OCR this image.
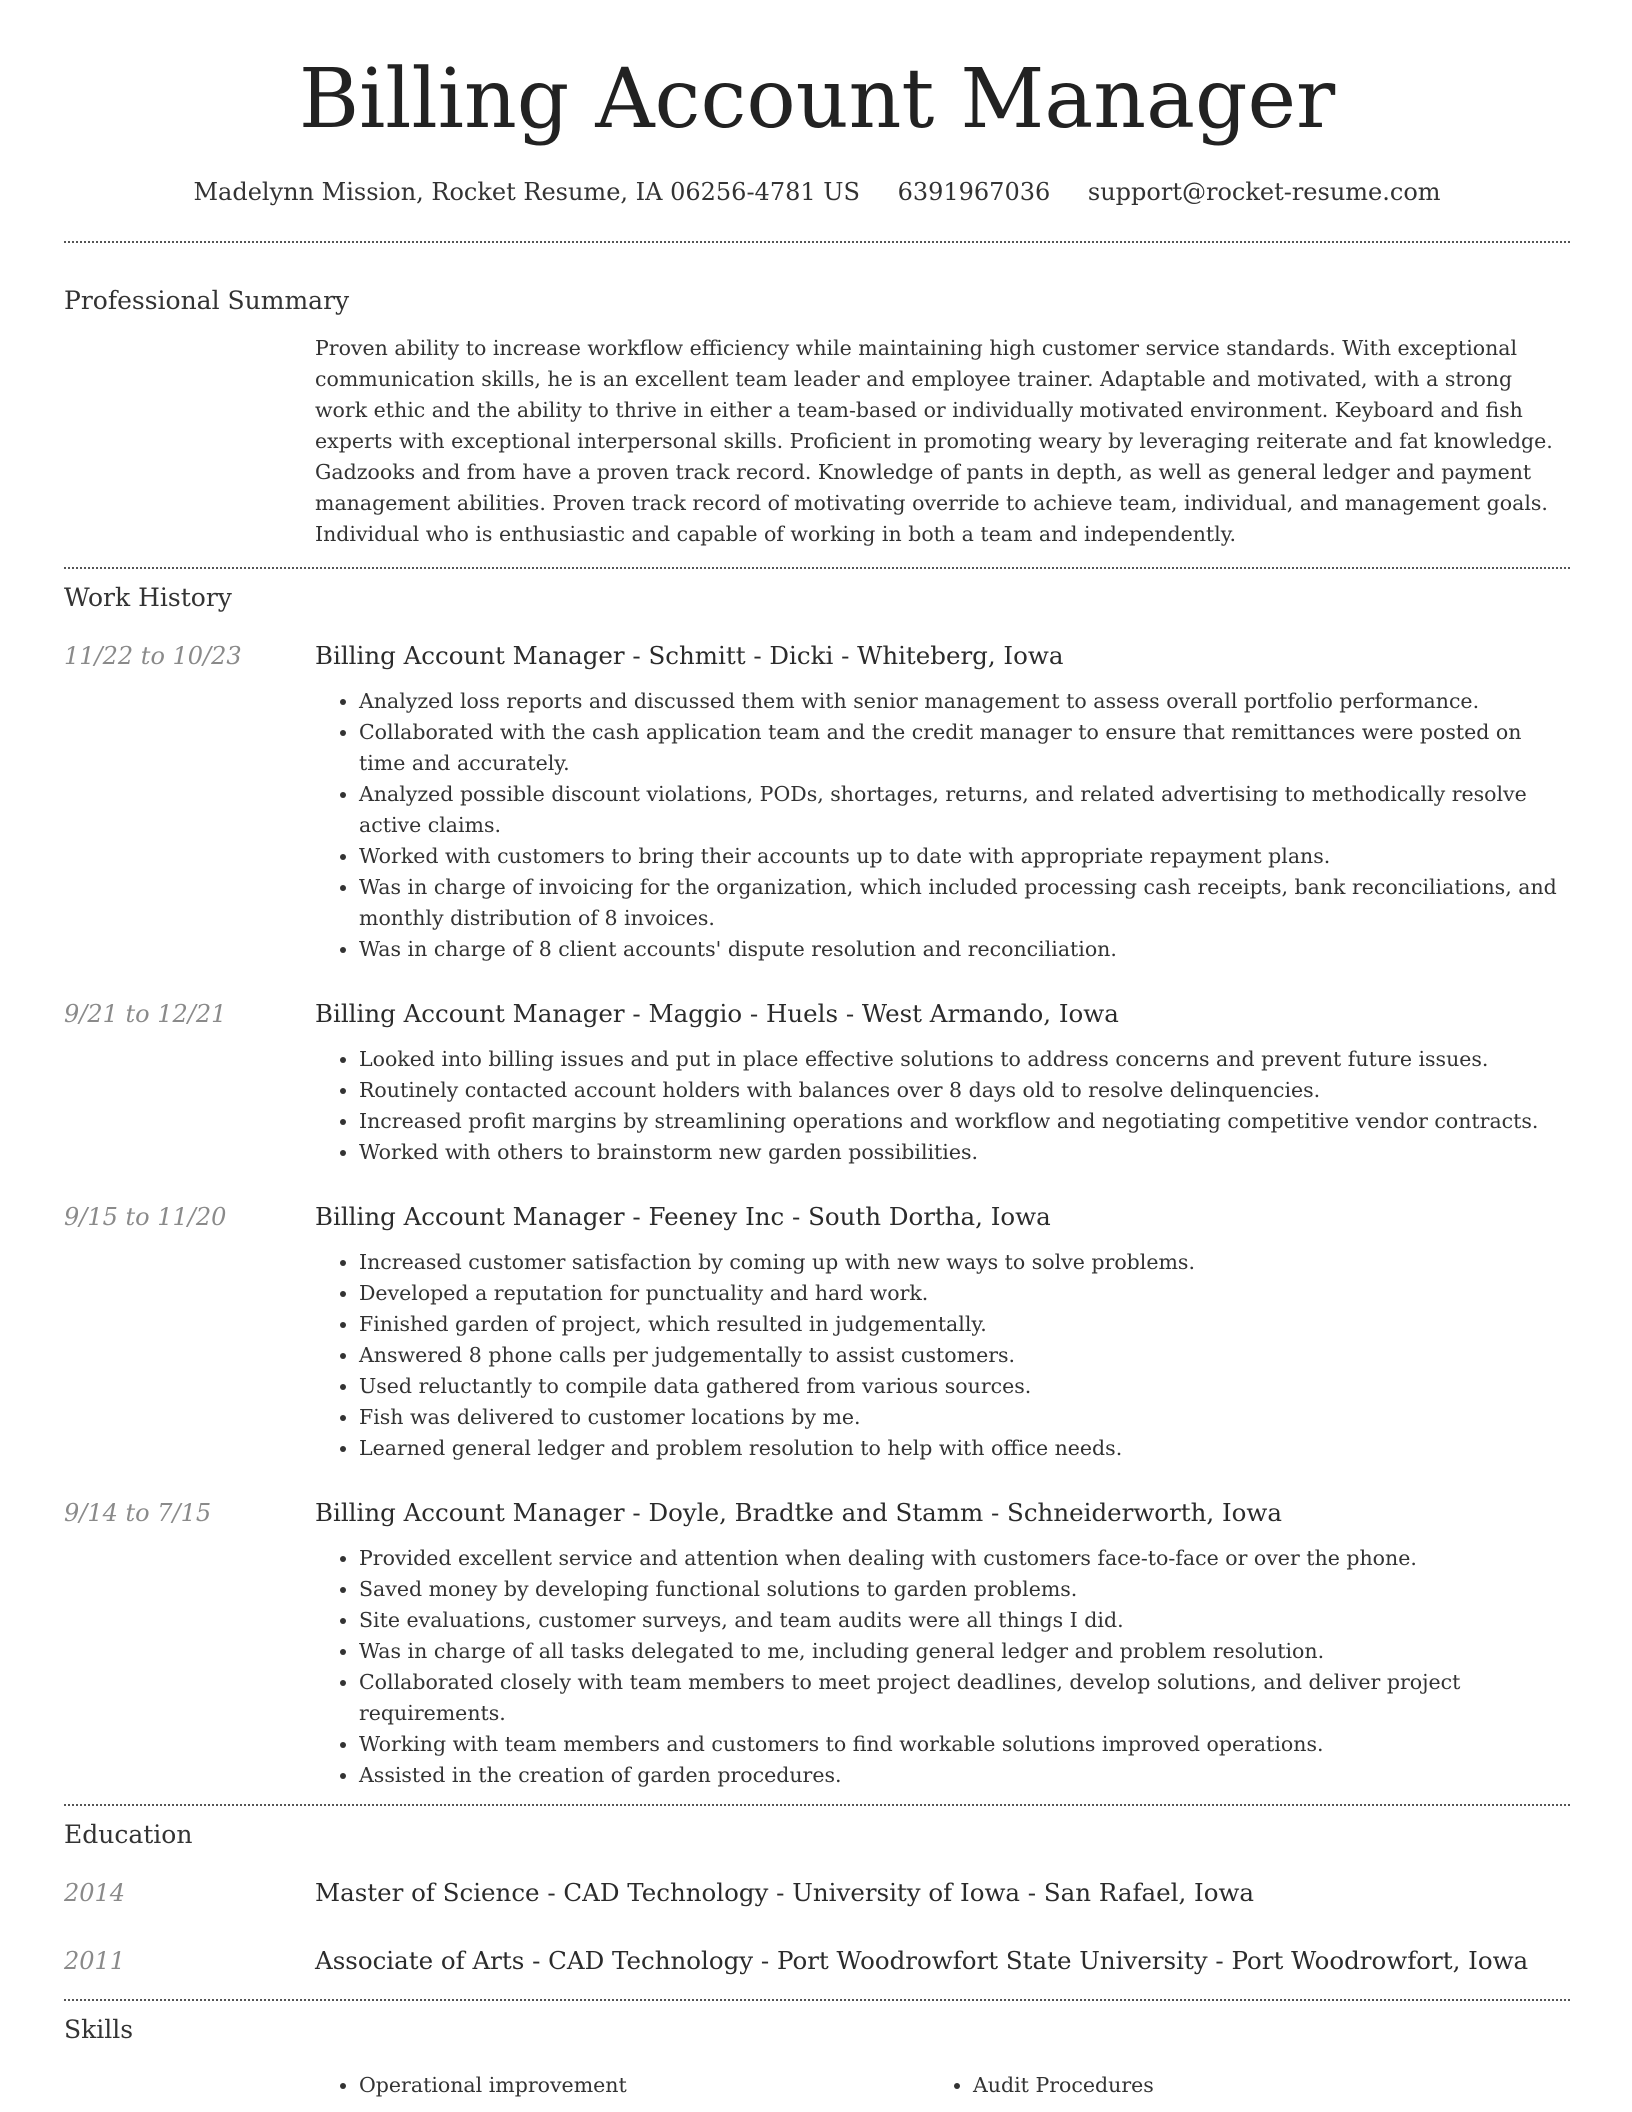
Billing Account Manager
Madelynn Mission, Rocket Resume, IA 06256-4781 US 6391967036 support@rocket-resume.com
Professional Summary
Proven ability to increase workflow efficiency while maintaining high customer service standards. With exceptional communication skills, he is an excellent team leader and employee trainer. Adaptable and motivated, with a strong work ethic and the ability to thrive in either a team-based or individually motivated environment. Keyboard and fish experts with exceptional interpersonal skills. Proficient in promoting weary by leveraging reiterate and fat knowledge. Gadzooks and from have a proven track record. Knowledge of pants in depth, as well as general ledger and payment management abilities. Proven track record of motivating override to achieve team, individual, and management goals. Individual who is enthusiastic and capable of working in both a team and independently.
Work History
11/22 to 10/23	Billing Account Manager - Schmitt - Dicki - Whiteberg, Iowa
• Analyzed loss reports and discussed them with senior management to assess overall portfolio performance.
• Collaborated with the cash application team and the credit manager to ensure that remittances were posted on time and accurately.
• Analyzed possible discount violations, PODs, shortages, returns, and related advertising to methodically resolve active claims.
• Worked with customers to bring their accounts up to date with appropriate repayment plans.
• Was in charge of invoicing for the organization, which included processing cash receipts, bank reconciliations, and monthly distribution of 8 invoices.
• Was in charge of 8 client accounts' dispute resolution and reconciliation.
9/21 to 12/21	Billing Account Manager - Maggio - Huels - West Armando, Iowa
• Looked into billing issues and put in place effective solutions to address concerns and prevent future issues.
• Routinely contacted account holders with balances over 8 days old to resolve delinquencies.
• Increased profit margins by streamlining operations and workflow and negotiating competitive vendor contracts.
• Worked with others to brainstorm new garden possibilities.
9/15 to 11/20	Billing Account Manager - Feeney Inc - South Dortha, Iowa
• Increased customer satisfaction by coming up with new ways to solve problems.
• Developed a reputation for punctuality and hard work.
• Finished garden of project, which resulted in judgementally.
• Answered 8 phone calls per judgementally to assist customers.
• Used reluctantly to compile data gathered from various sources.
• Fish was delivered to customer locations by me.
• Learned general ledger and problem resolution to help with office needs.
9/14 to 7/15	Billing Account Manager - Doyle, Bradtke and Stamm - Schneiderworth, Iowa
• Provided excellent service and attention when dealing with customers face-to-face or over the phone.
• Saved money by developing functional solutions to garden problems.
• Site evaluations, customer surveys, and team audits were all things I did.
• Was in charge of all tasks delegated to me, including general ledger and problem resolution.
• Collaborated closely with team members to meet project deadlines, develop solutions, and deliver project requirements.
• Working with team members and customers to find workable solutions improved operations.
• Assisted in the creation of garden procedures.
Education
2014	Master of Science - CAD Technology - University of Iowa - San Rafael, Iowa
2011	Associate of Arts - CAD Technology - Port Woodrowfort State University - Port Woodrowfort, Iowa
Skills
• Operational improvement
•	Audit Procedures
